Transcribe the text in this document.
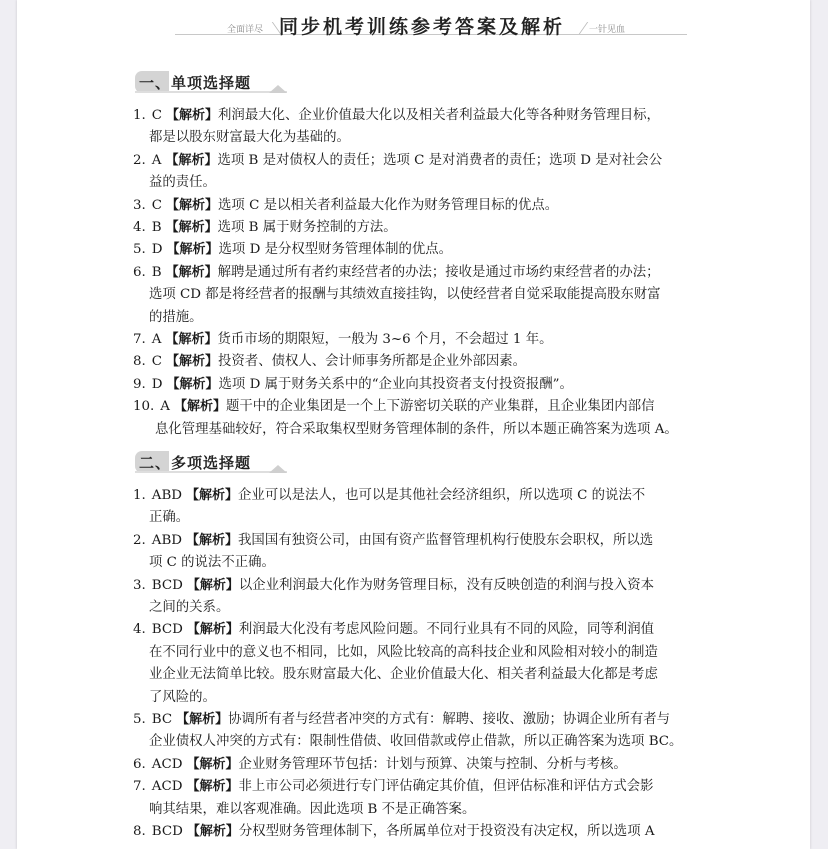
全面详尽 同步机考训练参考答案及解析	一针见血
一、单项选择题
1. C 【解析】利润最大化、企业价值最大化以及相关者利益最大化等各种财务管理目标，
都是以股东财富最大化为基础的。
2. A 【解析】选项 B 是对债权人的责任；选项 C 是对消费者的责任；选项 D 是对社会公
益的责任。
3. C 【解析】选项 C 是以相关者利益最大化作为财务管理目标的优点。
4. B 【解析】选项 B 属于财务控制的方法。
5. D 【解析】选项 D 是分权型财务管理体制的优点。
6. B 【解析】解聘是通过所有者约束经营者的办法；接收是通过市场约束经营者的办法；
选项 CD 都是将经营者的报酬与其绩效直接挂钩，以使经营者自觉采取能提高股东财富
的措施。
7. A 【解析】货币市场的期限短，一般为 3~6 个月，不会超过 1 年。
8. C 【解析】投资者、债权人、会计师事务所都是企业外部因素。
9. D 【解析】选项 D 属于财务关系中的“企业向其投资者支付投资报酬”。
10. A 【解析】题干中的企业集团是一个上下游密切关联的产业集群，且企业集团内部信
息化管理基础较好，符合采取集权型财务管理体制的条件，所以本题正确答案为选项 A。
二、多项选择题
1. ABD 【解析】企业可以是法人，也可以是其他社会经济组织，所以选项 C 的说法不
正确。
2. ABD 【解析】我国国有独资公司，由国有资产监督管理机构行使股东会职权，所以选
项 C 的说法不正确。
3. BCD 【解析】以企业利润最大化作为财务管理目标，没有反映创造的利润与投入资本
之间的关系。
4. BCD 【解析】利润最大化没有考虑风险问题。不同行业具有不同的风险，同等利润值
在不同行业中的意义也不相同，比如，风险比较高的高科技企业和风险相对较小的制造
业企业无法简单比较。股东财富最大化、企业价值最大化、相关者利益最大化都是考虑
了风险的。
5. BC 【解析】协调所有者与经营者冲突的方式有：解聘、接收、激励；协调企业所有者与
企业债权人冲突的方式有：限制性借债、收回借款或停止借款，所以正确答案为选项 BC。
6. ACD 【解析】企业财务管理环节包括：计划与预算、决策与控制、分析与考核。
7. ACD 【解析】非上市公司必须进行专门评估确定其价值，但评估标准和评估方式会影
响其结果，难以客观准确。因此选项 B 不是正确答案。
8. BCD 【解析】分权型财务管理体制下，各所属单位对于投资没有决定权，所以选项 A
